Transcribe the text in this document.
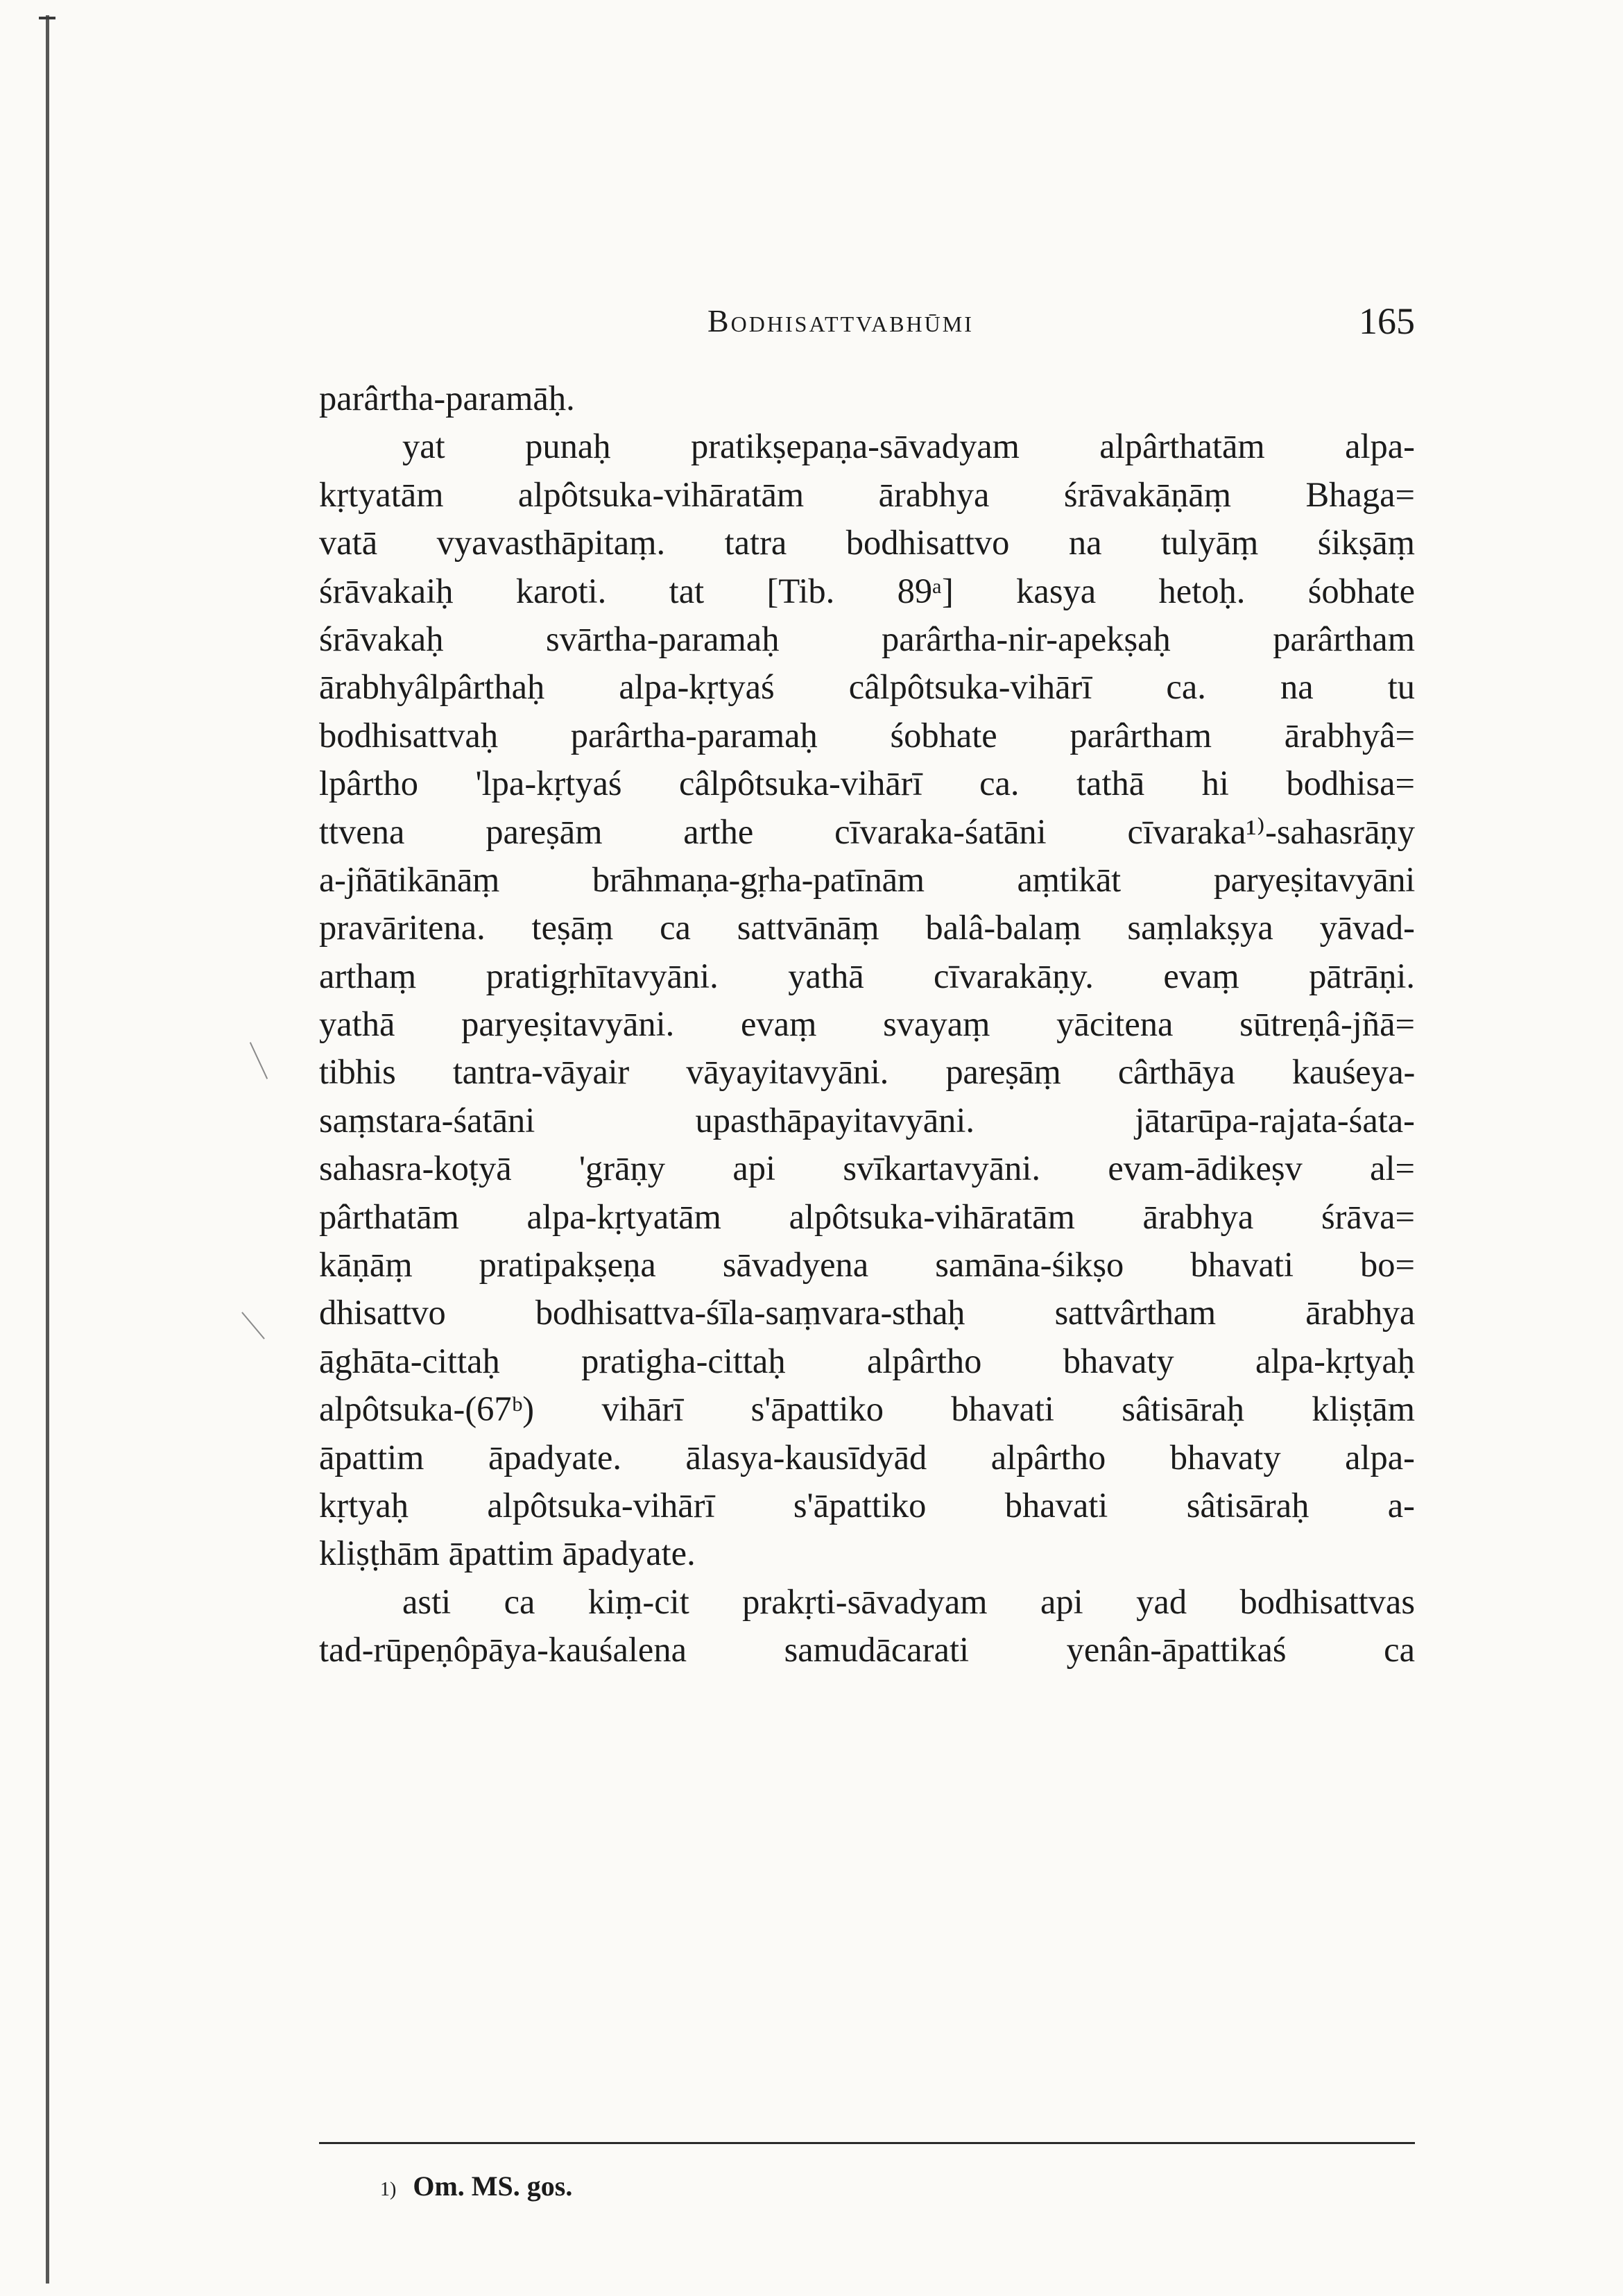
Bodhisattvabhūmi	165
parârtha-paramāḥ.
yat punaḥ pratikṣepaṇa-sāvadyam alpârthatām alpa-
kṛtyatām alpôtsuka-vihāratām ārabhya śrāvakāṇāṃ Bhaga=
vatā vyavasthāpitaṃ. tatra bodhisattvo na tulyāṃ śikṣāṃ
śrāvakaiḥ karoti. tat [Tib. 89ᵃ] kasya hetoḥ. śobhate
śrāvakaḥ svārtha-paramaḥ parârtha-nir-apekṣaḥ parârtham
ārabhyâlpârthaḥ alpa-kṛtyaś câlpôtsuka-vihārī ca. na tu
bodhisattvaḥ parârtha-paramaḥ śobhate parârtham ārabhyâ=
lpârtho 'lpa-kṛtyaś câlpôtsuka-vihārī ca. tathā hi bodhisa=
ttvena pareṣām arthe cīvaraka-śatāni cīvaraka¹⁾-sahasrāṇy
a-jñātikānāṃ brāhmaṇa-gṛha-patīnām aṃtikāt paryeṣitavyāni
pravāritena. teṣāṃ ca sattvānāṃ balâ-balaṃ saṃlakṣya yāvad-
arthaṃ pratigṛhītavyāni. yathā cīvarakāṇy. evaṃ pātrāṇi.
yathā paryeṣitavyāni. evaṃ svayaṃ yācitena sūtreṇâ-jñā=
tibhis tantra-vāyair vāyayitavyāni. pareṣāṃ cârthāya kauśeya-
saṃstara-śatāni upasthāpayitavyāni. jātarūpa-rajata-śata-
sahasra-koṭyā 'grāṇy api svīkartavyāni. evam-ādikeṣv al=
pârthatām alpa-kṛtyatām alpôtsuka-vihāratām ārabhya śrāva=
kāṇāṃ pratipakṣeṇa sāvadyena samāna-śikṣo bhavati bo=
dhisattvo bodhisattva-śīla-saṃvara-sthaḥ sattvârtham ārabhya
āghāta-cittaḥ pratigha-cittaḥ alpârtho bhavaty alpa-kṛtyaḥ
alpôtsuka-(67ᵇ) vihārī s'āpattiko bhavati sâtisāraḥ kliṣṭām
āpattim āpadyate. ālasya-kausīdyād alpârtho bhavaty alpa-
kṛtyaḥ alpôtsuka-vihārī s'āpattiko bhavati sâtisāraḥ a-
kliṣṭhām āpattim āpadyate.
asti ca kiṃ-cit prakṛti-sāvadyam api yad bodhisattvas
tad-rūpeṇôpāya-kauśalena samudācarati yenân-āpattikaś ca
1) Om. MS. gos.
